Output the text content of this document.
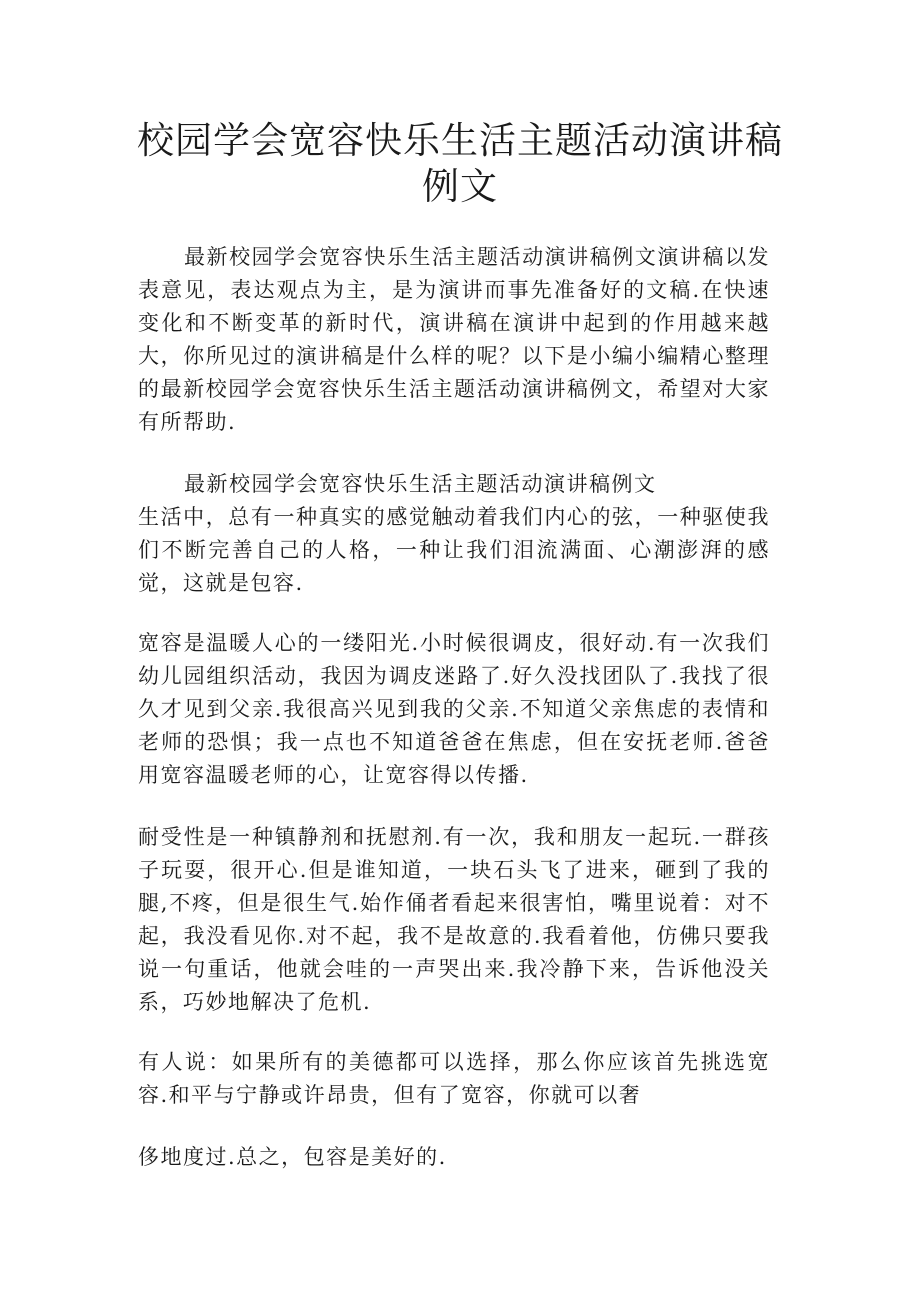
校园学会宽容快乐生活主题活动演讲稿例文

最新校园学会宽容快乐生活主题活动演讲稿例文演讲稿以发表意见，表达观点为主，是为演讲而事先准备好的文稿.在快速变化和不断变革的新时代，演讲稿在演讲中起到的作用越来越大，你所见过的演讲稿是什么样的呢？以下是小编小编精心整理的最新校园学会宽容快乐生活主题活动演讲稿例文，希望对大家有所帮助.

最新校园学会宽容快乐生活主题活动演讲稿例文

生活中，总有一种真实的感觉触动着我们内心的弦，一种驱使我们不断完善自己的人格，一种让我们泪流满面、心潮澎湃的感觉，这就是包容.

宽容是温暖人心的一缕阳光.小时候很调皮，很好动.有一次我们幼儿园组织活动，我因为调皮迷路了.好久没找团队了.我找了很久才见到父亲.我很高兴见到我的父亲.不知道父亲焦虑的表情和老师的恐惧；我一点也不知道爸爸在焦虑，但在安抚老师.爸爸用宽容温暖老师的心，让宽容得以传播.

耐受性是一种镇静剂和抚慰剂.有一次，我和朋友一起玩.一群孩子玩耍，很开心.但是谁知道，一块石头飞了进来，砸到了我的腿,不疼，但是很生气.始作俑者看起来很害怕，嘴里说着：对不起，我没看见你.对不起，我不是故意的.我看着他，仿佛只要我说一句重话，他就会哇的一声哭出来.我冷静下来，告诉他没关系，巧妙地解决了危机.

有人说：如果所有的美德都可以选择，那么你应该首先挑选宽容.和平与宁静或许昂贵，但有了宽容，你就可以奢

侈地度过.总之，包容是美好的.
